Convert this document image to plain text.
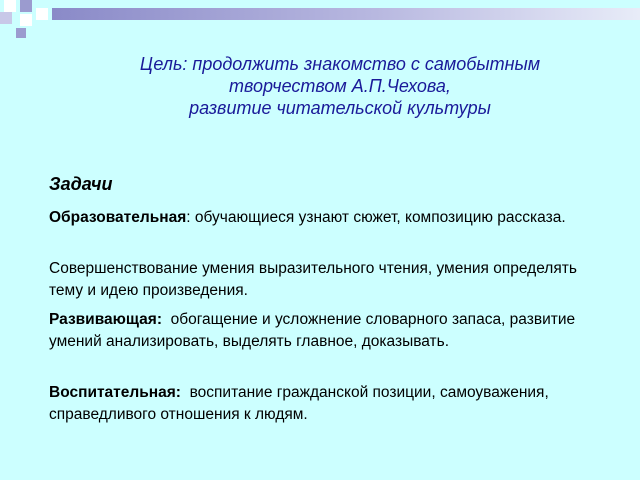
Цель: продолжить знакомство с самобытным
творчеством А.П.Чехова,
развитие читательской культуры
Задачи
Образовательная: обучающиеся узнают сюжет, композицию рассказа.
Совершенствование умения выразительного чтения, умения определять тему и идею произведения.
Развивающая:  обогащение и усложнение словарного запаса, развитие умений анализировать, выделять главное, доказывать.
Воспитательная:  воспитание гражданской позиции, самоуважения, справедливого отношения к людям.
